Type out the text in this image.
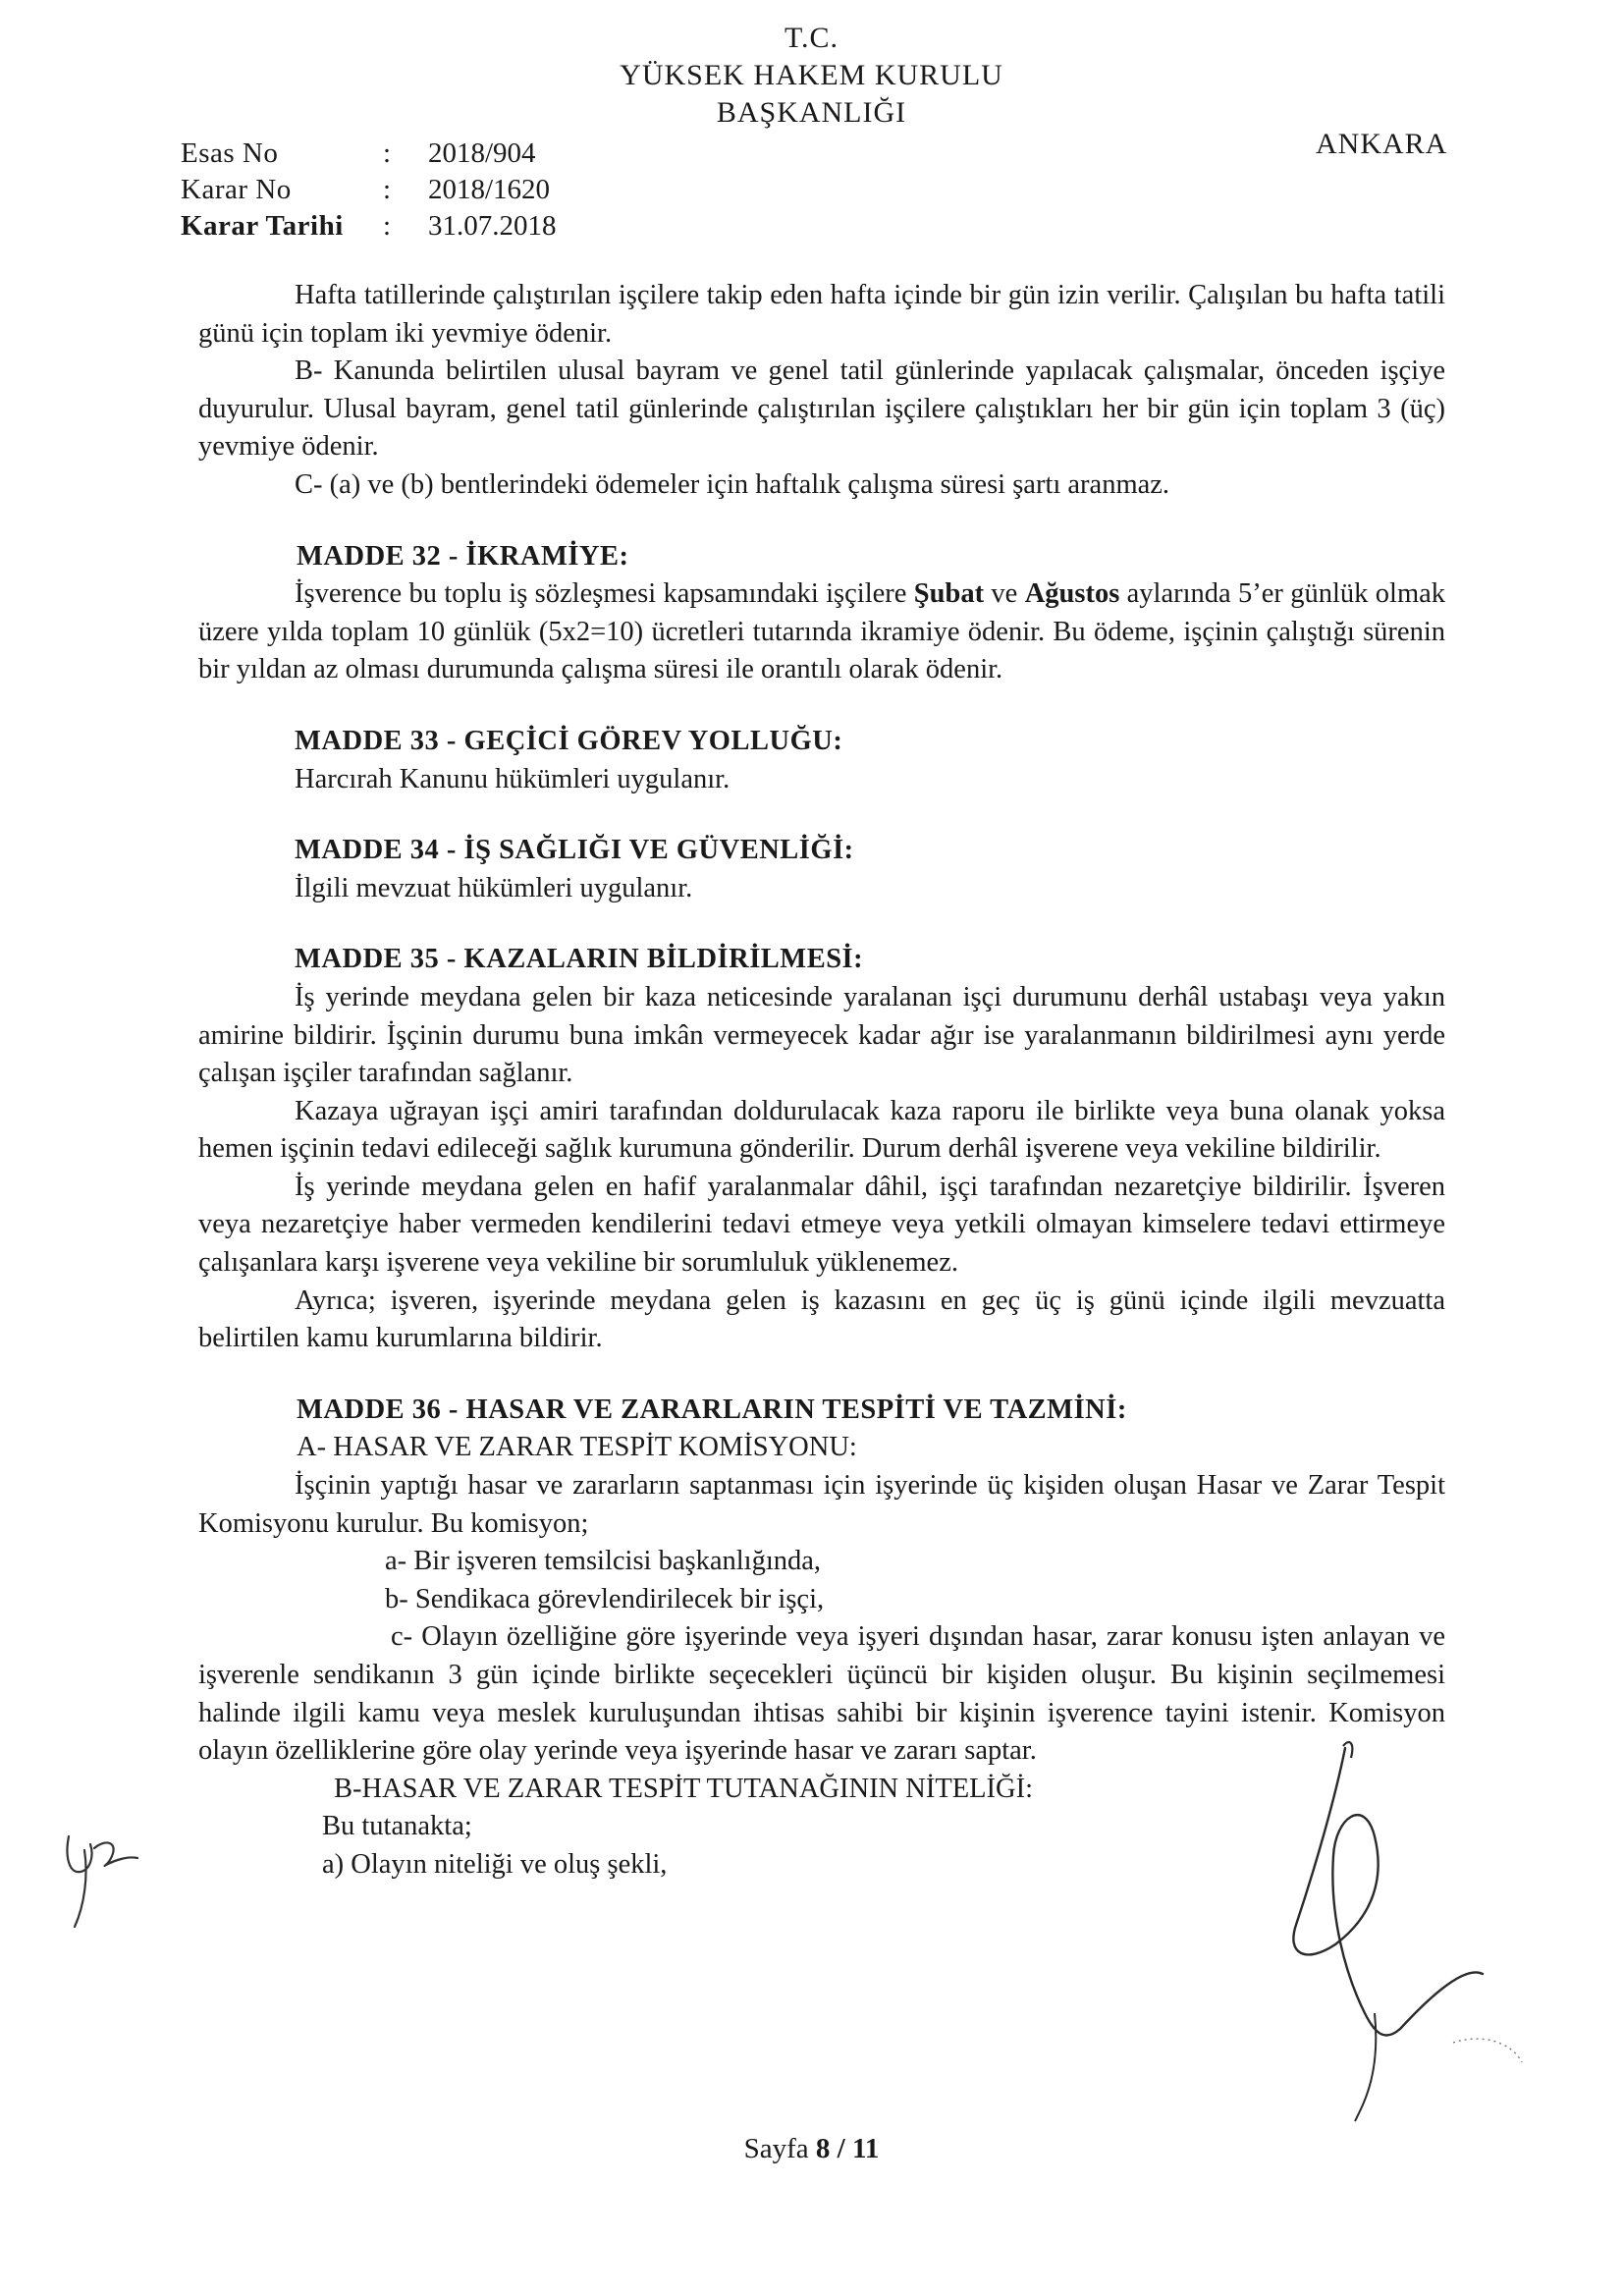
T.C.
YÜKSEK HAKEM KURULU
BAŞKANLIĞI
ANKARA
Esas No	:	2018/904
Karar No	:	2018/1620
Karar Tarihi	:	31.07.2018

Hafta tatillerinde çalıştırılan işçilere takip eden hafta içinde bir gün izin verilir. Çalışılan bu hafta tatili günü için toplam iki yevmiye ödenir.

B- Kanunda belirtilen ulusal bayram ve genel tatil günlerinde yapılacak çalışmalar, önceden işçiye duyurulur. Ulusal bayram, genel tatil günlerinde çalıştırılan işçilere çalıştıkları her bir gün için toplam 3 (üç) yevmiye ödenir.

C- (a) ve (b) bentlerindeki ödemeler için haftalık çalışma süresi şartı aranmaz.

MADDE 32 - İKRAMİYE:

İşverence bu toplu iş sözleşmesi kapsamındaki işçilere Şubat ve Ağustos aylarında 5’er günlük olmak üzere yılda toplam 10 günlük (5x2=10) ücretleri tutarında ikramiye ödenir. Bu ödeme, işçinin çalıştığı sürenin bir yıldan az olması durumunda çalışma süresi ile orantılı olarak ödenir.

MADDE 33 - GEÇİCİ GÖREV YOLLUĞU:

Harcırah Kanunu hükümleri uygulanır.

MADDE 34 - İŞ SAĞLIĞI VE GÜVENLİĞİ:

İlgili mevzuat hükümleri uygulanır.

MADDE 35 - KAZALARIN BİLDİRİLMESİ:

İş yerinde meydana gelen bir kaza neticesinde yaralanan işçi durumunu derhâl ustabaşı veya yakın amirine bildirir. İşçinin durumu buna imkân vermeyecek kadar ağır ise yaralanmanın bildirilmesi aynı yerde çalışan işçiler tarafından sağlanır.

Kazaya uğrayan işçi amiri tarafından doldurulacak kaza raporu ile birlikte veya buna olanak yoksa hemen işçinin tedavi edileceği sağlık kurumuna gönderilir. Durum derhâl işverene veya vekiline bildirilir.

İş yerinde meydana gelen en hafif yaralanmalar dâhil, işçi tarafından nezaretçiye bildirilir. İşveren veya nezaretçiye haber vermeden kendilerini tedavi etmeye veya yetkili olmayan kimselere tedavi ettirmeye çalışanlara karşı işverene veya vekiline bir sorumluluk yüklenemez.

Ayrıca; işveren, işyerinde meydana gelen iş kazasını en geç üç iş günü içinde ilgili mevzuatta belirtilen kamu kurumlarına bildirir.

MADDE 36 - HASAR VE ZARARLARIN TESPİTİ VE TAZMİNİ:
A- HASAR VE ZARAR TESPİT KOMİSYONU:

İşçinin yaptığı hasar ve zararların saptanması için işyerinde üç kişiden oluşan Hasar ve Zarar Tespit Komisyonu kurulur. Bu komisyon;

a- Bir işveren temsilcisi başkanlığında,
b- Sendikaca görevlendirilecek bir işçi,

c- Olayın özelliğine göre işyerinde veya işyeri dışından hasar, zarar konusu işten anlayan ve işverenle sendikanın 3 gün içinde birlikte seçecekleri üçüncü bir kişiden oluşur. Bu kişinin seçilmemesi halinde ilgili kamu veya meslek kuruluşundan ihtisas sahibi bir kişinin işverence tayini istenir. Komisyon olayın özelliklerine göre olay yerinde veya işyerinde hasar ve zararı saptar.

B-HASAR VE ZARAR TESPİT TUTANAĞININ NİTELİĞİ:
Bu tutanakta;
a) Olayın niteliği ve oluş şekli,
Sayfa 8 / 11
